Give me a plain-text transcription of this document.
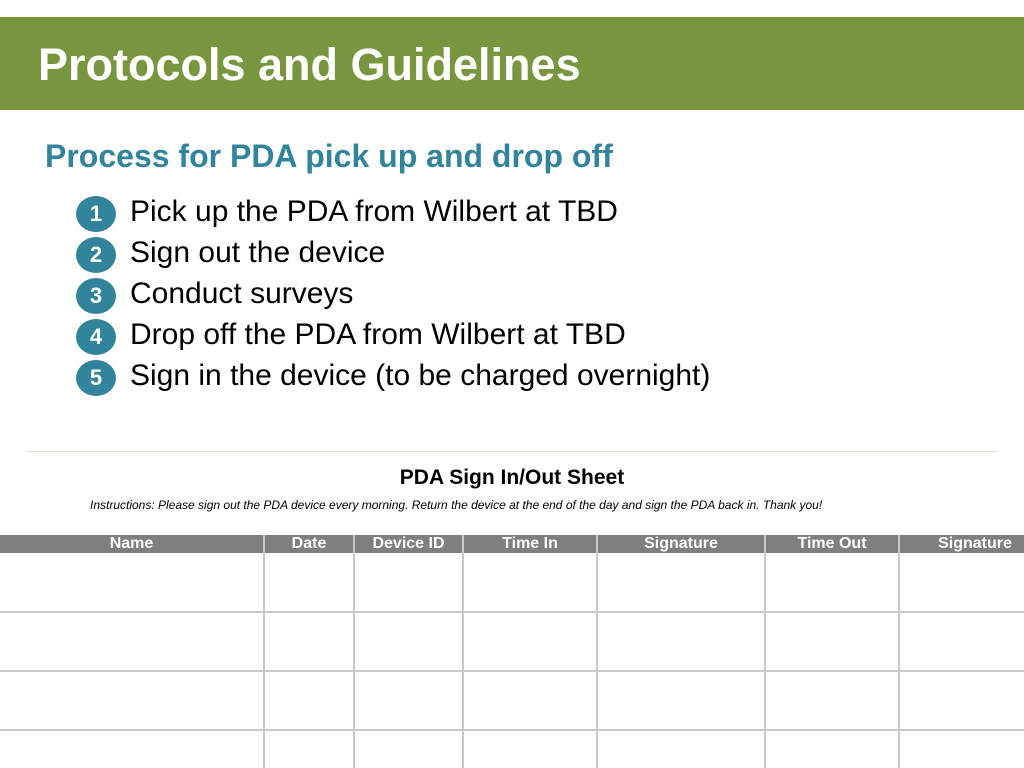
Protocols and Guidelines
Process for PDA pick up and drop off
1 Pick up the PDA from Wilbert at TBD
2 Sign out the device
3 Conduct surveys
4 Drop off the PDA from Wilbert at TBD
5 Sign in the device (to be charged overnight)
PDA Sign In/Out Sheet
Instructions: Please sign out the PDA device every morning. Return the device at the end of the day and sign the PDA back in. Thank you!
Name	Date	Device ID	Time In	Signature	Time Out	Signature
